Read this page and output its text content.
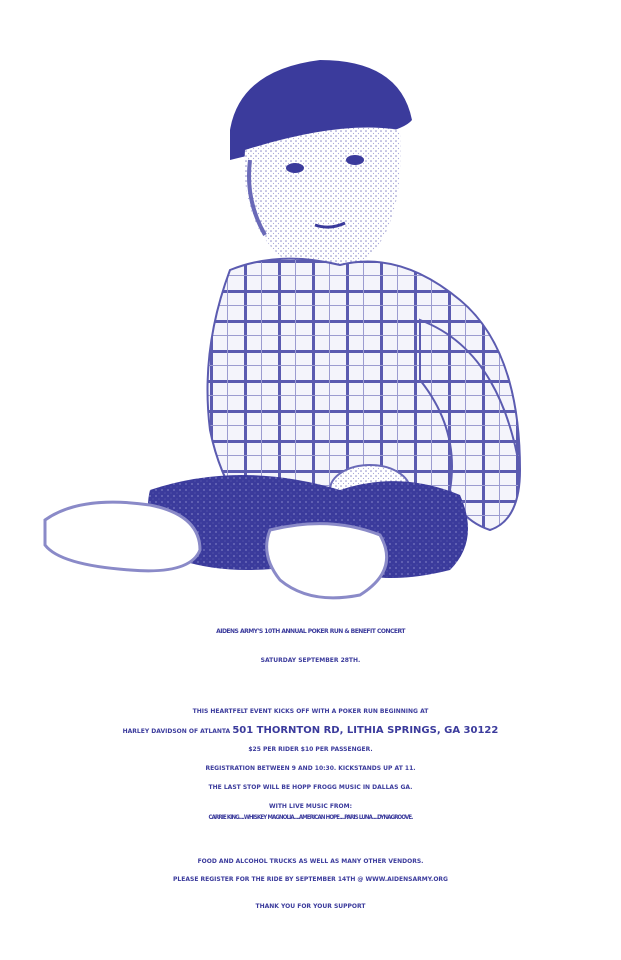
AIDENS ARMY'S 10TH ANNUAL POKER RUN & BENEFIT CONCERT
SATURDAY SEPTEMBER 28TH.
THIS HEARTFELT EVENT KICKS OFF WITH A POKER RUN BEGINNING AT
HARLEY DAVIDSON OF ATLANTA 501 THORNTON RD, LITHIA SPRINGS, GA 30122
$25 PER RIDER $10 PER PASSENGER.
REGISTRATION BETWEEN 9 AND 10:30. KICKSTANDS UP AT 11.
THE LAST STOP WILL BE HOPP FROGG MUSIC IN DALLAS GA.
WITH LIVE MUSIC FROM:
CARRIE KING....WHISKEY MAGNOLIA....AMERICAN HOPE....PARIS LUNA....DYNAGROOVE.
FOOD AND ALCOHOL TRUCKS AS WELL AS MANY OTHER VENDORS.
PLEASE REGISTER FOR THE RIDE BY SEPTEMBER 14TH @ WWW.AIDENSARMY.ORG
THANK YOU FOR YOUR SUPPORT
